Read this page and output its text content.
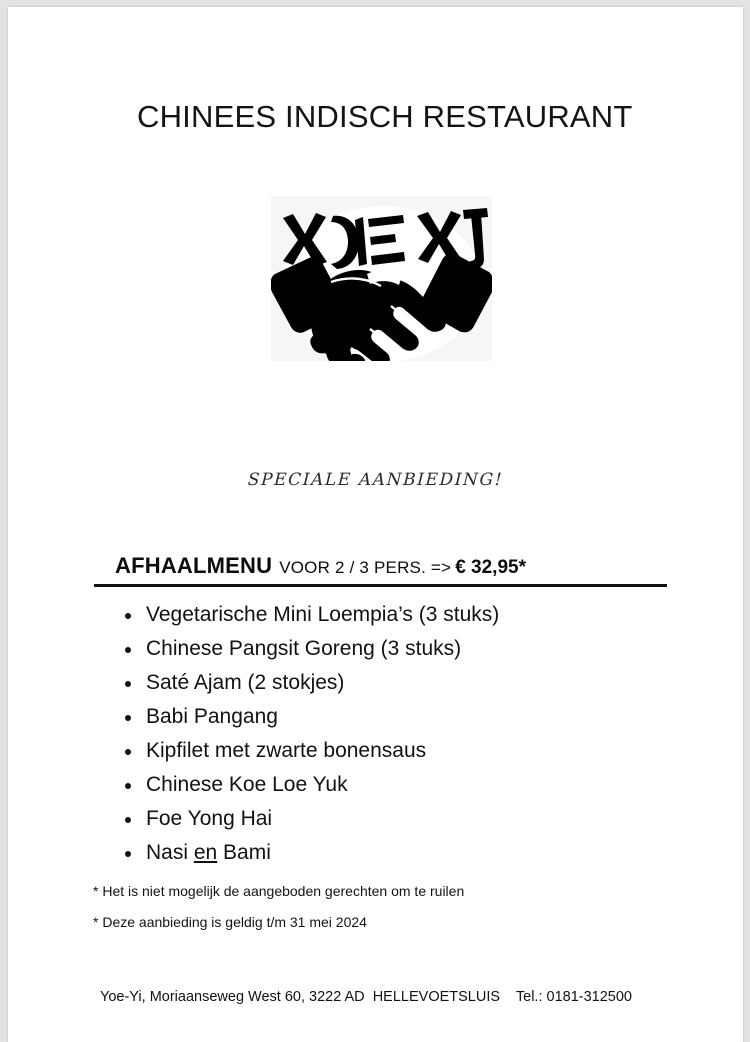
CHINEES INDISCH RESTAURANT
SPECIALE AANBIEDING!
AFHAALMENU VOOR 2 / 3 PERS. => € 32,95*
Vegetarische Mini Loempia’s (3 stuks)
Chinese Pangsit Goreng (3 stuks)
Saté Ajam (2 stokjes)
Babi Pangang
Kipfilet met zwarte bonensaus
Chinese Koe Loe Yuk
Foe Yong Hai
Nasi en Bami
* Het is niet mogelijk de aangeboden gerechten om te ruilen
* Deze aanbieding is geldig t/m 31 mei 2024
Yoe-Yi, Moriaanseweg West 60, 3222 AD  HELLEVOETSLUIS    Tel.: 0181-312500
